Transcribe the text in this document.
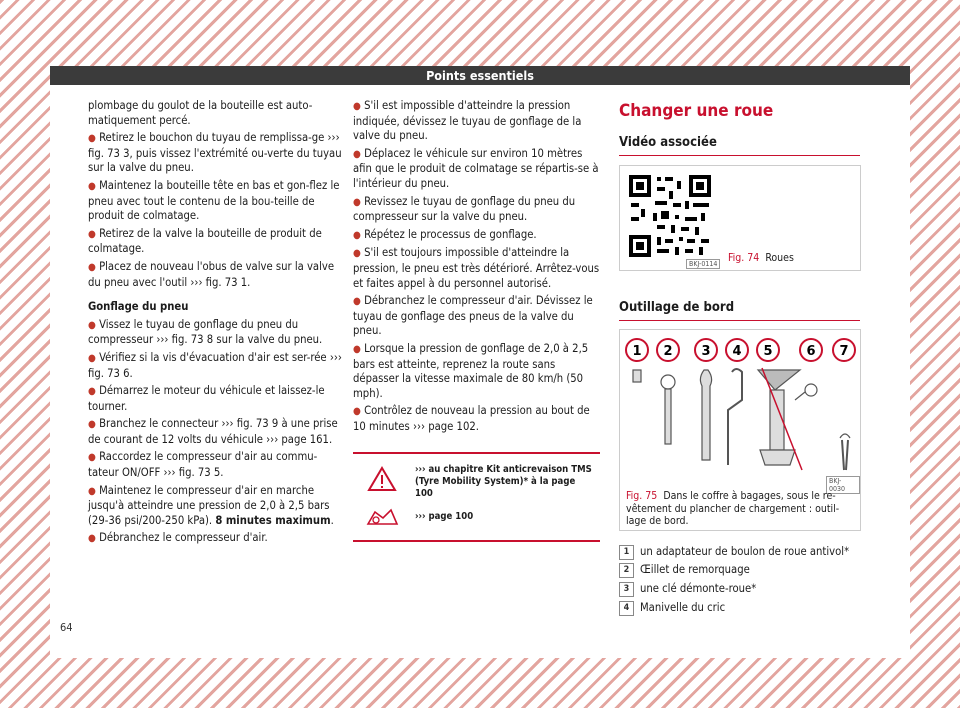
Points essentiels

plombage du goulot de la bouteille est auto-matiquement percé.

● Retirez le bouchon du tuyau de remplissa-ge ››› fig. 73 3, puis vissez l'extrémité ou-verte du tuyau sur la valve du pneu.

● Maintenez la bouteille tête en bas et gon-flez le pneu avec tout le contenu de la bou-teille de produit de colmatage.

● Retirez de la valve la bouteille de produit de colmatage.

● Placez de nouveau l'obus de valve sur la valve du pneu avec l'outil ››› fig. 73 1.

Gonflage du pneu

● Vissez le tuyau de gonflage du pneu du compresseur ››› fig. 73 8 sur la valve du pneu.

● Vérifiez si la vis d'évacuation d'air est ser-rée ››› fig. 73 6.

● Démarrez le moteur du véhicule et laissez-le tourner.

● Branchez le connecteur ››› fig. 73 9 à une prise de courant de 12 volts du véhicule ››› page 161.

● Raccordez le compresseur d'air au commu-tateur ON/OFF ››› fig. 73 5.

● Maintenez le compresseur d'air en marche jusqu'à atteindre une pression de 2,0 à 2,5 bars (29-36 psi/200-250 kPa). 8 minutes maximum.

● Débranchez le compresseur d'air.

● S'il est impossible d'atteindre la pression indiquée, dévissez le tuyau de gonflage de la valve du pneu.

● Déplacez le véhicule sur environ 10 mètres afin que le produit de colmatage se répartis-se à l'intérieur du pneu.

● Revissez le tuyau de gonflage du pneu du compresseur sur la valve du pneu.

● Répétez le processus de gonflage.

● S'il est toujours impossible d'atteindre la pression, le pneu est très détérioré. Arrêtez-vous et faites appel à du personnel autorisé.

● Débranchez le compresseur d'air. Dévissez le tuyau de gonflage des pneus de la valve du pneu.

● Lorsque la pression de gonflage de 2,0 à 2,5 bars est atteinte, reprenez la route sans dépasser la vitesse maximale de 80 km/h (50 mph).

● Contrôlez de nouveau la pression au bout de 10 minutes ››› page 102.

››› au chapitre Kit anticrevaison TMS (Tyre Mobility System)* à la page 100
››› page 100
Changer une roue
Vidéo associée
BKJ-0114 Fig. 74 Roues
Outillage de bord
1 2 3 4 5	6 7
BKJ-0030
Fig. 75 Dans le coffre à bagages, sous le re-vêtement du plancher de chargement : outil-lage de bord.
1 un adaptateur de boulon de roue antivol*
2 Œillet de remorquage
3 une clé démonte-roue*
4 Manivelle du cric
64
